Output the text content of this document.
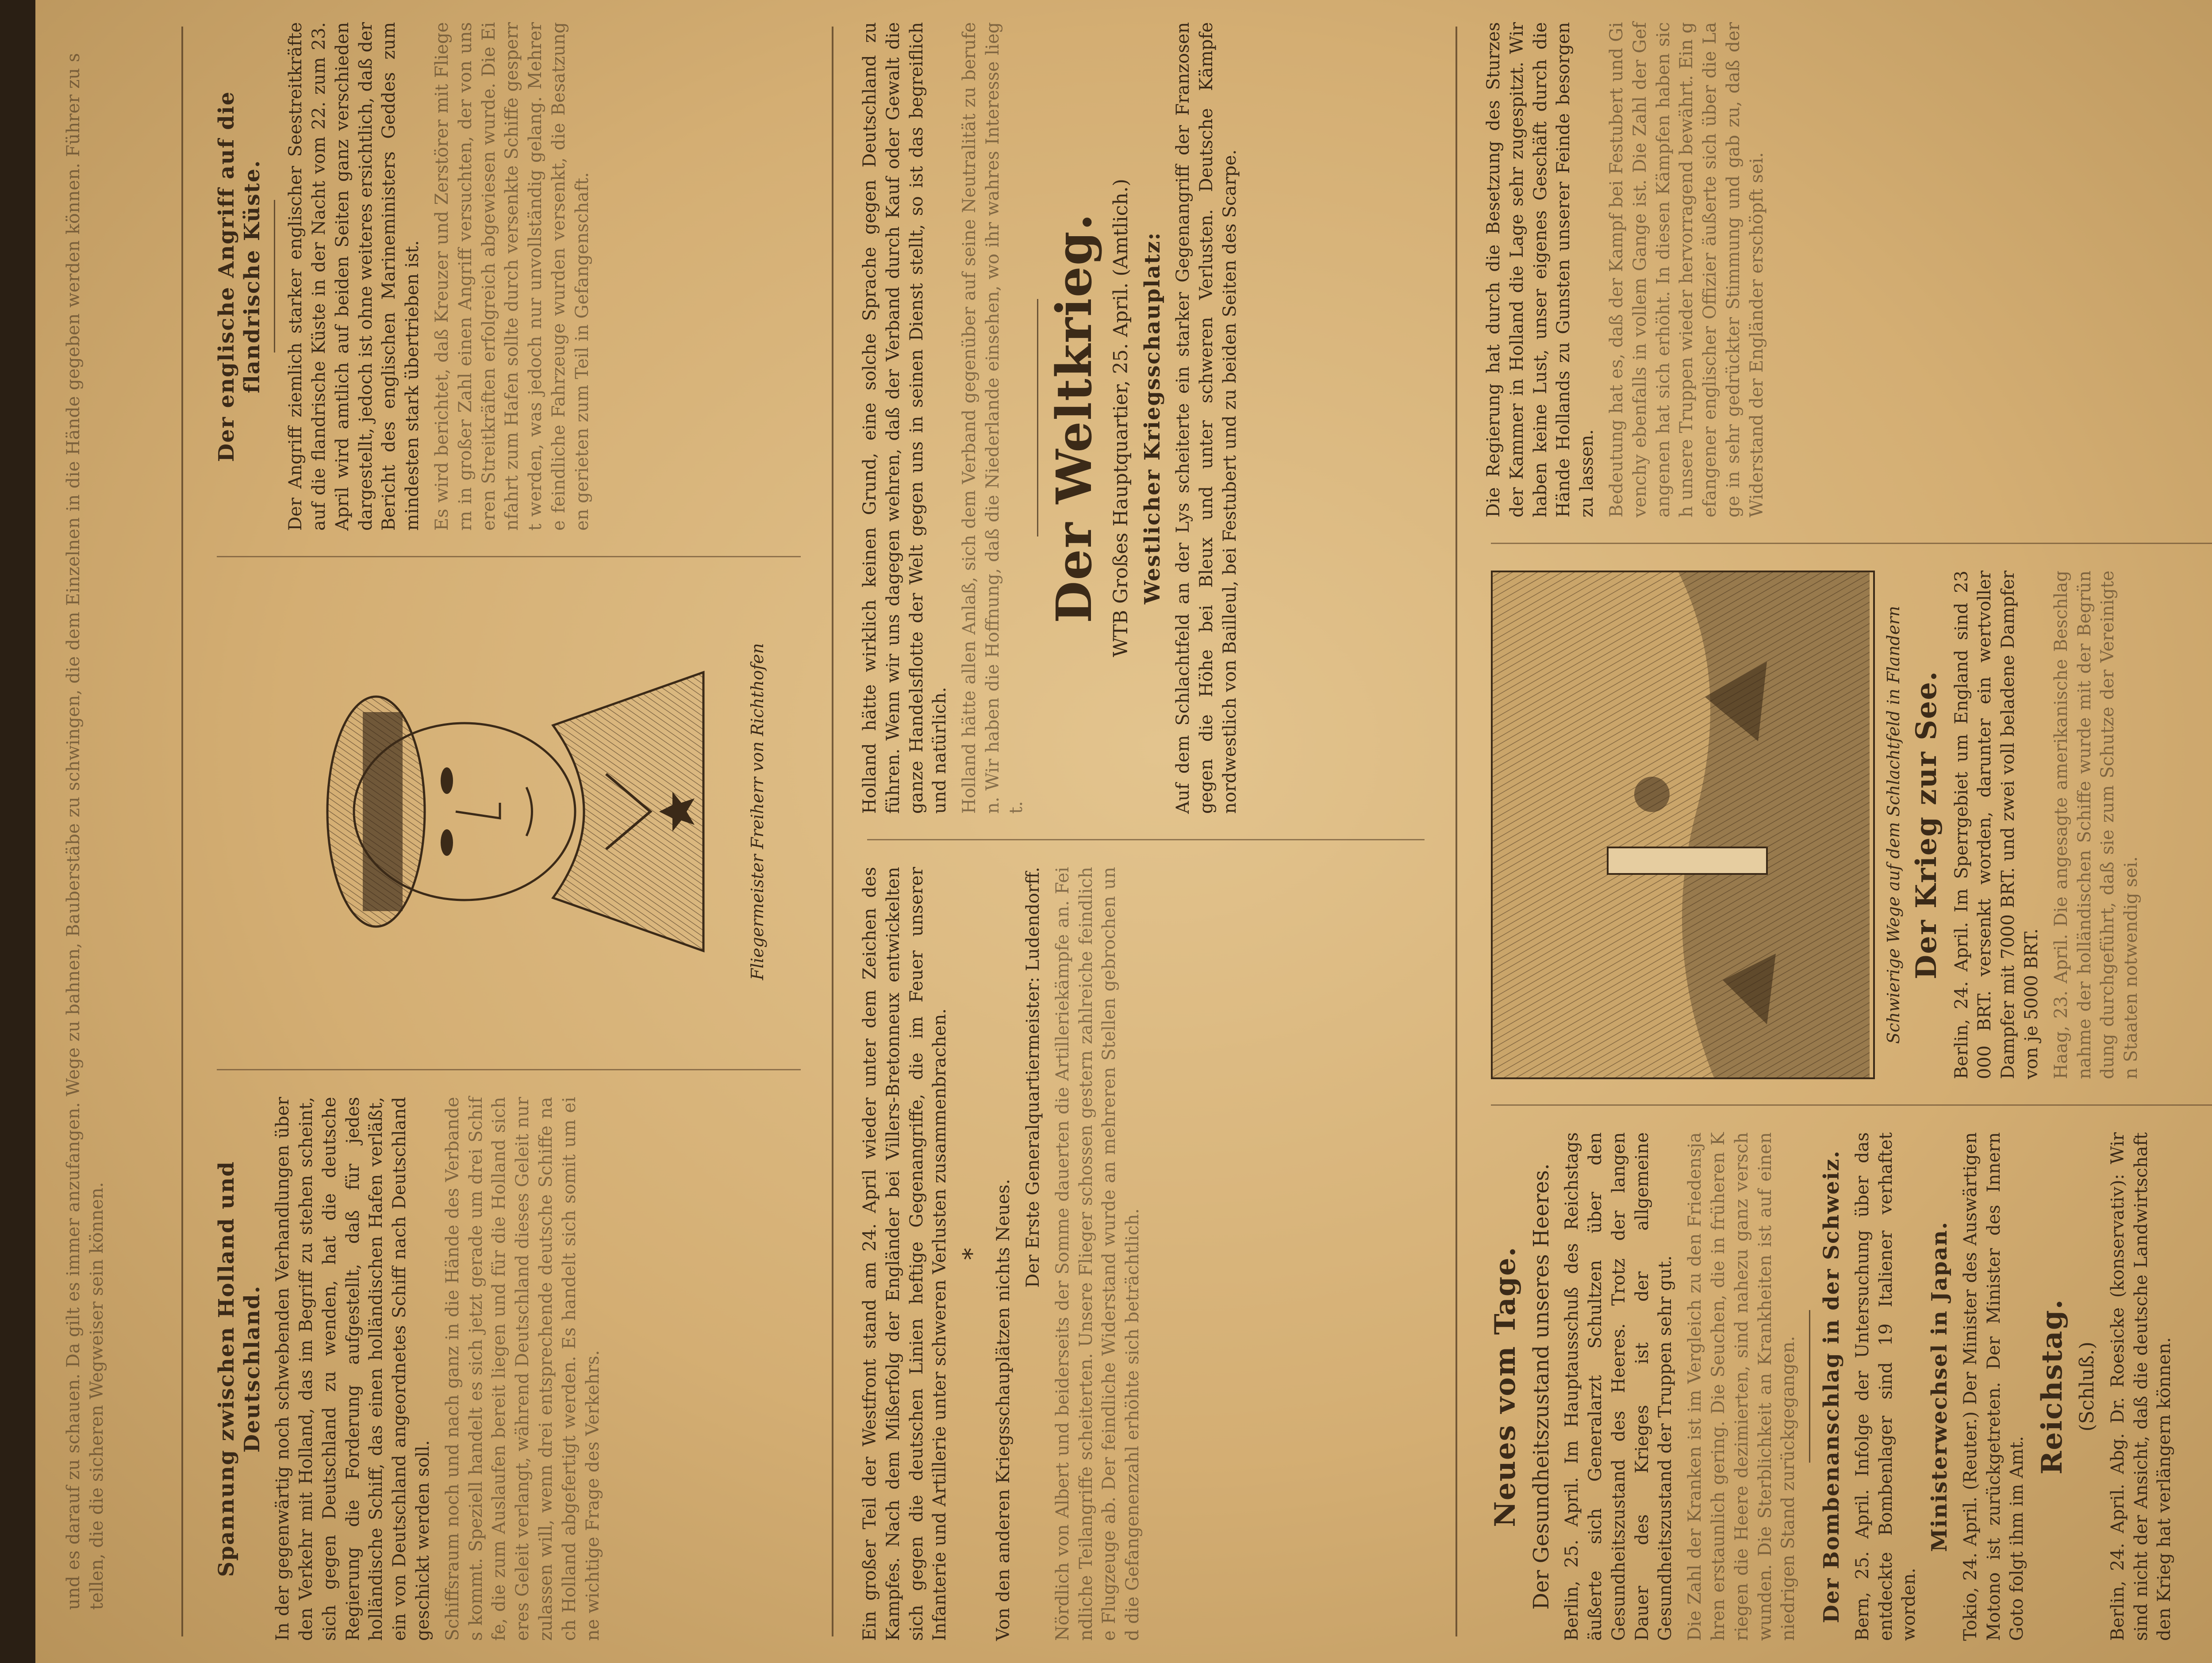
und es darauf zu schauen. Da gilt es immer anzufangen. Wege zu bahnen, Bauberstäbe zu schwingen, die dem Einzelnen in die Hände gegeben werden können. Führer zu stellen, die die sicheren Wegweiser sein können.	Spannung zwischen Holland und Deutschland. In der gegenwärtig noch schwebenden Verhandlungen über den Verkehr mit Holland, das im Begriff zu stehen scheint, sich gegen Deutschland zu wenden, hat die deutsche Regierung die Forderung aufgestellt, daß für jedes holländische Schiff, das einen holländischen Hafen verläßt, ein von Deutschland angeordnetes Schiff nach Deutschland geschickt werden soll. Schiffsraum noch und nach ganz in die Hände des Verbandes kommt. Speziell handelt es sich jetzt gerade um drei Schiffe, die zum Auslaufen bereit liegen und für die Holland sicheres Geleit verlangt, während Deutschland dieses Geleit nur zulassen will, wenn drei entsprechende deutsche Schiffe nach Holland abgefertigt werden. Es handelt sich somit um eine wichtige Frage des Verkehrs.

Fliegermeister Freiherr von Richthofen
Der englische Angriff auf die flandrische Küste. Der Angriff ziemlich starker englischer Seestreitkräfte auf die flandrische Küste in der Nacht vom 22. zum 23. April wird amtlich auf beiden Seiten ganz verschieden dargestellt, jedoch ist ohne weiteres ersichtlich, daß der Bericht des englischen Marineministers Geddes zum mindesten stark übertrieben ist. Es wird berichtet, daß Kreuzer und Zerstörer mit Fliegern in großer Zahl einen Angriff versuchten, der von unseren Streitkräften erfolgreich abgewiesen wurde. Die Einfahrt zum Hafen sollte durch versenkte Schiffe gesperrt werden, was jedoch nur unvollständig gelang. Mehrere feindliche Fahrzeuge wurden versenkt, die Besatzungen gerieten zum Teil in Gefangenschaft.

Ein großer Teil der Westfront stand am 24. April wieder unter dem Zeichen des Kampfes. Nach dem Mißerfolg der Engländer bei Villers-Bretonneux entwickelten sich gegen die deutschen Linien heftige Gegenangriffe, die im Feuer unserer Infanterie und Artillerie unter schweren Verlusten zusammenbrachen. * Von den anderen Kriegsschauplätzen nichts Neues.

Der Erste Generalquartiermeister: Ludendorff. Nördlich von Albert und beiderseits der Somme dauerten die Artilleriekämpfe an. Feindliche Teilangriffe scheiterten. Unsere Flieger schossen gestern zahlreiche feindliche Flugzeuge ab. Der feindliche Widerstand wurde an mehreren Stellen gebrochen und die Gefangenenzahl erhöhte sich beträchtlich.

Holland hätte wirklich keinen Grund, eine solche Sprache gegen Deutschland zu führen. Wenn wir uns dagegen wehren, daß der Verband durch Kauf oder Gewalt die ganze Handelsflotte der Welt gegen uns in seinen Dienst stellt, so ist das begreiflich und natürlich. Holland hätte allen Anlaß, sich dem Verband gegenüber auf seine Neutralität zu berufen. Wir haben die Hoffnung, daß die Niederlande einsehen, wo ihr wahres Interesse liegt.

Der Weltkrieg. WTB Großes Hauptquartier, 25. April. (Amtlich.) Westlicher Kriegsschauplatz: Auf dem Schlachtfeld an der Lys scheiterte ein starker Gegenangriff der Franzosen gegen die Höhe bei Bleux und unter schweren Verlusten. Deutsche Kämpfe nordwestlich von Bailleul, bei Festubert und zu beiden Seiten des Scarpe.

Neues vom Tage. Der Gesundheitszustand unseres Heeres. Berlin, 25. April. Im Hauptausschuß des Reichstags äußerte sich Generalarzt Schultzen über den Gesundheitszustand des Heeres. Trotz der langen Dauer des Krieges ist der allgemeine Gesundheitszustand der Truppen sehr gut. Die Zahl der Kranken ist im Vergleich zu den Friedensjahren erstaunlich gering. Die Seuchen, die in früheren Kriegen die Heere dezimierten, sind nahezu ganz verschwunden. Die Sterblichkeit an Krankheiten ist auf einen niedrigen Stand zurückgegangen. Der Bombenanschlag in der Schweiz. Bern, 25. April. Infolge der Untersuchung über das entdeckte Bombenlager sind 19 Italiener verhaftet worden.

Ministerwechsel in Japan. Tokio, 24. April. (Reuter.) Der Minister des Auswärtigen Motono ist zurückgetreten. Der Minister des Innern Goto folgt ihm im Amt.

Reichstag. (Schluß.) Berlin, 24. April. Abg. Dr. Roesicke (konservativ): Wir sind nicht der Ansicht, daß die deutsche Landwirtschaft den Krieg hat verlängern können.

Schwierige Wege auf dem Schlachtfeld in Flandern Der Krieg zur See. Berlin, 24. April. Im Sperrgebiet um England sind 23 000 BRT. versenkt worden, darunter ein wertvoller Dampfer mit 7000 BRT. und zwei voll beladene Dampfer von je 5000 BRT. Haag, 23. April. Die angesagte amerikanische Beschlagnahme der holländischen Schiffe wurde mit der Begründung durchgeführt, daß sie zum Schutze der Vereinigten Staaten notwendig sei.

Die Regierung hat durch die Besetzung des Sturzes der Kammer in Holland die Lage sehr zugespitzt. Wir haben keine Lust, unser eigenes Geschäft durch die Hände Hollands zu Gunsten unserer Feinde besorgen zu lassen. Bedeutung hat es, daß der Kampf bei Festubert und Givenchy ebenfalls in vollem Gange ist. Die Zahl der Gefangenen hat sich erhöht. In diesen Kämpfen haben sich unsere Truppen wieder hervorragend bewährt. Ein gefangener englischer Offizier äußerte sich über die Lage in sehr gedrückter Stimmung und gab zu, daß der Widerstand der Engländer erschöpft sei.
